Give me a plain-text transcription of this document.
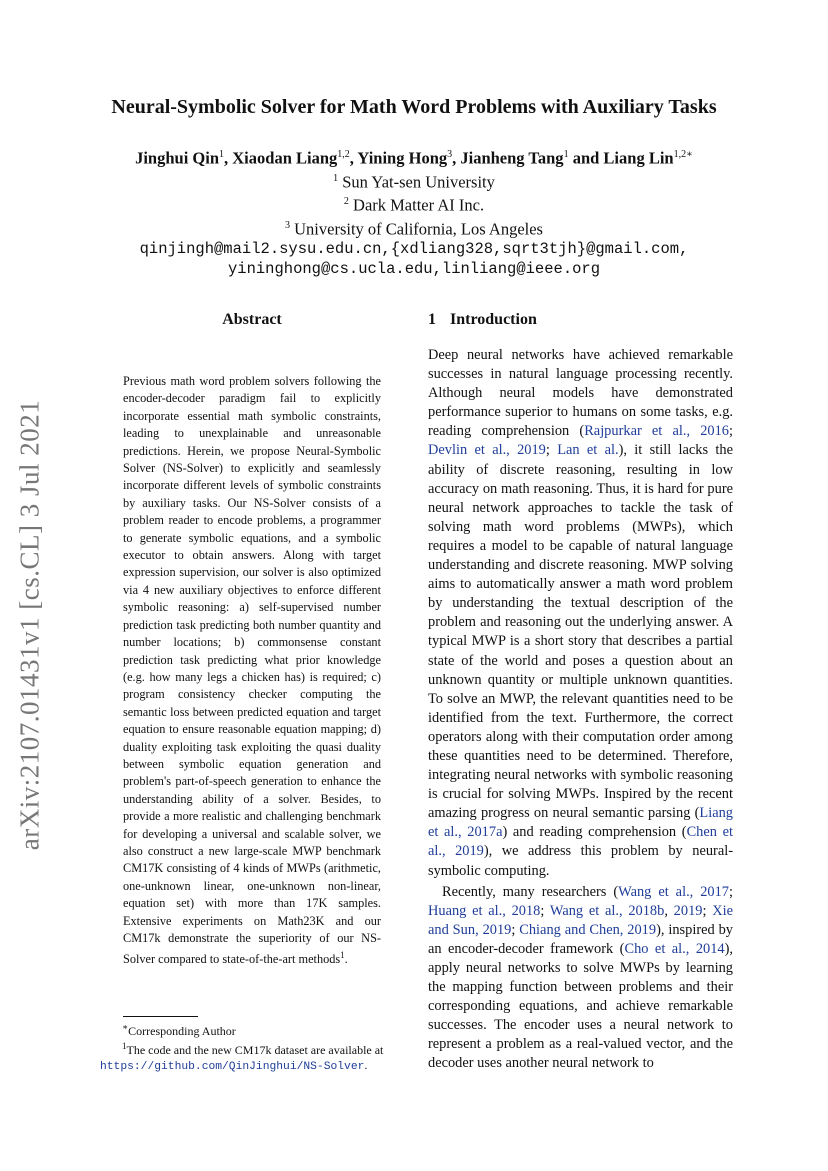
arXiv:2107.01431v1 [cs.CL] 3 Jul 2021
Neural-Symbolic Solver for Math Word Problems with Auxiliary Tasks
Jinghui Qin$^1$, Xiaodan Liang$^{1,2}$, Yining Hong$^3$, Jianheng Tang$^1$ and Liang Lin$^{1,2∗}$
$^1$ Sun Yat-sen University
$^2$ Dark Matter AI Inc.
$^3$ University of California, Los Angeles
qinjingh@mail2.sysu.edu.cn,{xdliang328,sqrt3tjh}@gmail.com,
yininghong@cs.ucla.edu,linliang@ieee.org
Abstract
Previous math word problem solvers following the encoder-decoder paradigm fail to explicitly incorporate essential math symbolic constraints, leading to unexplainable and unreasonable predictions. Herein, we propose Neural-Symbolic Solver (NS-Solver) to explicitly and seamlessly incorporate different levels of symbolic constraints by auxiliary tasks. Our NS-Solver consists of a problem reader to encode problems, a programmer to generate symbolic equations, and a symbolic executor to obtain answers. Along with target expression supervision, our solver is also optimized via 4 new auxiliary objectives to enforce different symbolic reasoning: a) self-supervised number prediction task predicting both number quantity and number locations; b) commonsense constant prediction task predicting what prior knowledge (e.g. how many legs a chicken has) is required; c) program consistency checker computing the semantic loss between predicted equation and target equation to ensure reasonable equation mapping; d) duality exploiting task exploiting the quasi duality between symbolic equation generation and problem's part-of-speech generation to enhance the understanding ability of a solver. Besides, to provide a more realistic and challenging benchmark for developing a universal and scalable solver, we also construct a new large-scale MWP benchmark CM17K consisting of 4 kinds of MWPs (arithmetic, one-unknown linear, one-unknown non-linear, equation set) with more than 17K samples. Extensive experiments on Math23K and our CM17k demonstrate the superiority of our NS-Solver compared to state-of-the-art methods$^1$.
1 Introduction

Deep neural networks have achieved remarkable successes in natural language processing recently. Although neural models have demonstrated performance superior to humans on some tasks, e.g. reading comprehension (Rajpurkar et al., 2016; Devlin et al., 2019; Lan et al.), it still lacks the ability of discrete reasoning, resulting in low accuracy on math reasoning. Thus, it is hard for pure neural network approaches to tackle the task of solving math word problems (MWPs), which requires a model to be capable of natural language understanding and discrete reasoning. MWP solving aims to automatically answer a math word problem by understanding the textual description of the problem and reasoning out the underlying answer. A typical MWP is a short story that describes a partial state of the world and poses a question about an unknown quantity or multiple unknown quantities. To solve an MWP, the relevant quantities need to be identified from the text. Furthermore, the correct operators along with their computation order among these quantities need to be determined. Therefore, integrating neural networks with symbolic reasoning is crucial for solving MWPs. Inspired by the recent amazing progress on neural semantic parsing (Liang et al., 2017a) and reading comprehension (Chen et al., 2019), we address this problem by neural-symbolic computing.

Recently, many researchers (Wang et al., 2017; Huang et al., 2018; Wang et al., 2018b, 2019; Xie and Sun, 2019; Chiang and Chen, 2019), inspired by an encoder-decoder framework (Cho et al., 2014), apply neural networks to solve MWPs by learning the mapping function between problems and their corresponding equations, and achieve remarkable successes. The encoder uses a neural network to represent a problem as a real-valued vector, and the decoder uses another neural network to

∗Corresponding Author
$^1$The code and the new CM17k dataset are available at
https://github.com/QinJinghui/NS-Solver.
